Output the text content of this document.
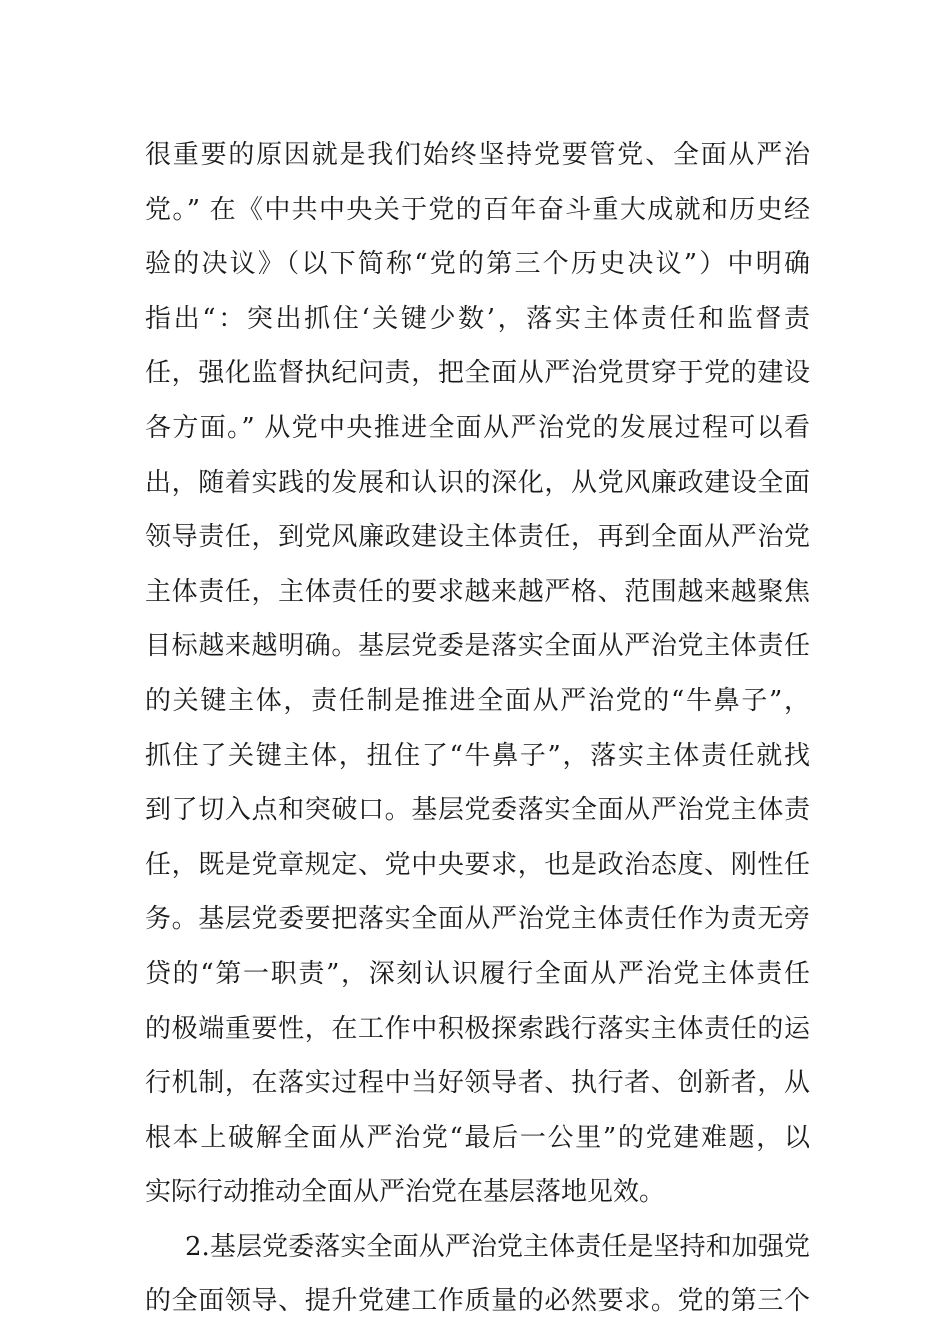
很重要的原因就是我们始终坚持党要管党、全面从严治
党。” 在《中共中央关于党的百年奋斗重大成就和历史经
验的决议》（以下简称“党的第三个历史决议”）中明确
指出“：突出抓住‘关键少数’，落实主体责任和监督责
任，强化监督执纪问责，把全面从严治党贯穿于党的建设
各方面。” 从党中央推进全面从严治党的发展过程可以看
出，随着实践的发展和认识的深化，从党风廉政建设全面
领导责任，到党风廉政建设主体责任，再到全面从严治党
主体责任，主体责任的要求越来越严格、范围越来越聚焦
目标越来越明确。基层党委是落实全面从严治党主体责任
的关键主体，责任制是推进全面从严治党的“牛鼻子”，
抓住了关键主体，扭住了“牛鼻子”，落实主体责任就找
到了切入点和突破口。基层党委落实全面从严治党主体责
任，既是党章规定、党中央要求，也是政治态度、刚性任
务。基层党委要把落实全面从严治党主体责任作为责无旁
贷的“第一职责”，深刻认识履行全面从严治党主体责任
的极端重要性，在工作中积极探索践行落实主体责任的运
行机制，在落实过程中当好领导者、执行者、创新者，从
根本上破解全面从严治党“最后一公里”的党建难题，以
实际行动推动全面从严治党在基层落地见效。
2.基层党委落实全面从严治党主体责任是坚持和加强党
的全面领导、提升党建工作质量的必然要求。党的第三个
